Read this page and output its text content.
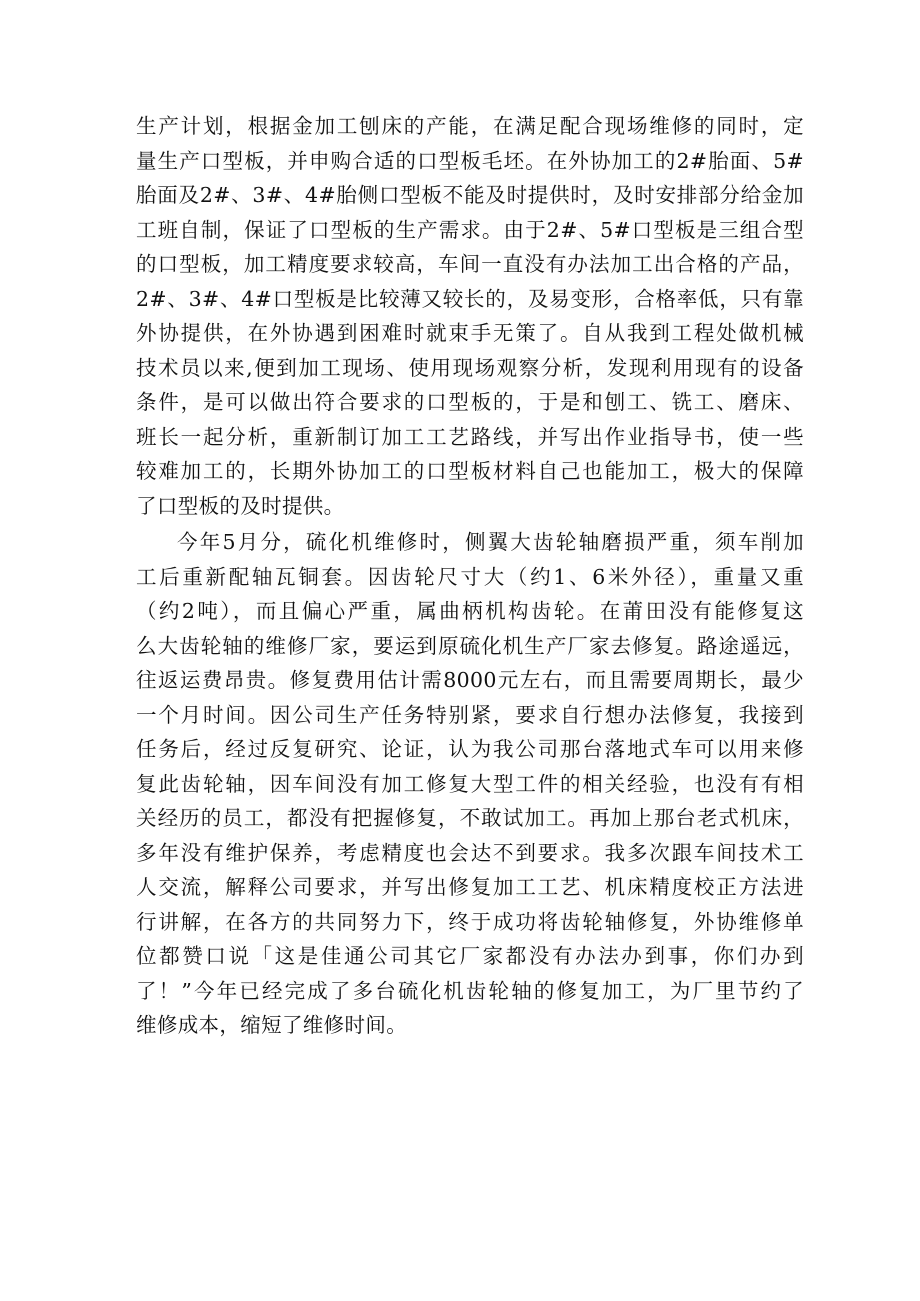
生产计划，根据金加工刨床的产能，在满足配合现场维修的同时，定
量生产口型板，并申购合适的口型板毛坯。在外协加工的2#胎面、5#
胎面及2#、3#、4#胎侧口型板不能及时提供时，及时安排部分给金加
工班自制，保证了口型板的生产需求。由于2#、5#口型板是三组合型
的口型板，加工精度要求较高，车间一直没有办法加工出合格的产品，
2#、3#、4#口型板是比较薄又较长的，及易变形，合格率低，只有靠
外协提供，在外协遇到困难时就束手无策了。自从我到工程处做机械
技术员以来,便到加工现场、使用现场观察分析，发现利用现有的设备
条件，是可以做出符合要求的口型板的，于是和刨工、铣工、磨床、
班长一起分析，重新制订加工工艺路线，并写出作业指导书，使一些
较难加工的，长期外协加工的口型板材料自己也能加工，极大的保障
了口型板的及时提供。
今年5月分，硫化机维修时，侧翼大齿轮轴磨损严重，须车削加
工后重新配轴瓦铜套。因齿轮尺寸大（约1、6米外径），重量又重
（约2吨），而且偏心严重，属曲柄机构齿轮。在莆田没有能修复这
么大齿轮轴的维修厂家，要运到原硫化机生产厂家去修复。路途遥远，
往返运费昂贵。修复费用估计需8000元左右，而且需要周期长，最少
一个月时间。因公司生产任务特别紧，要求自行想办法修复，我接到
任务后，经过反复研究、论证，认为我公司那台落地式车可以用来修
复此齿轮轴，因车间没有加工修复大型工件的相关经验，也没有有相
关经历的员工，都没有把握修复，不敢试加工。再加上那台老式机床，
多年没有维护保养，考虑精度也会达不到要求。我多次跟车间技术工
人交流，解释公司要求，并写出修复加工工艺、机床精度校正方法进
行讲解，在各方的共同努力下，终于成功将齿轮轴修复，外协维修单
位都赞口说「这是佳通公司其它厂家都没有办法办到事，你们办到
了！”今年已经完成了多台硫化机齿轮轴的修复加工，为厂里节约了
维修成本，缩短了维修时间。
